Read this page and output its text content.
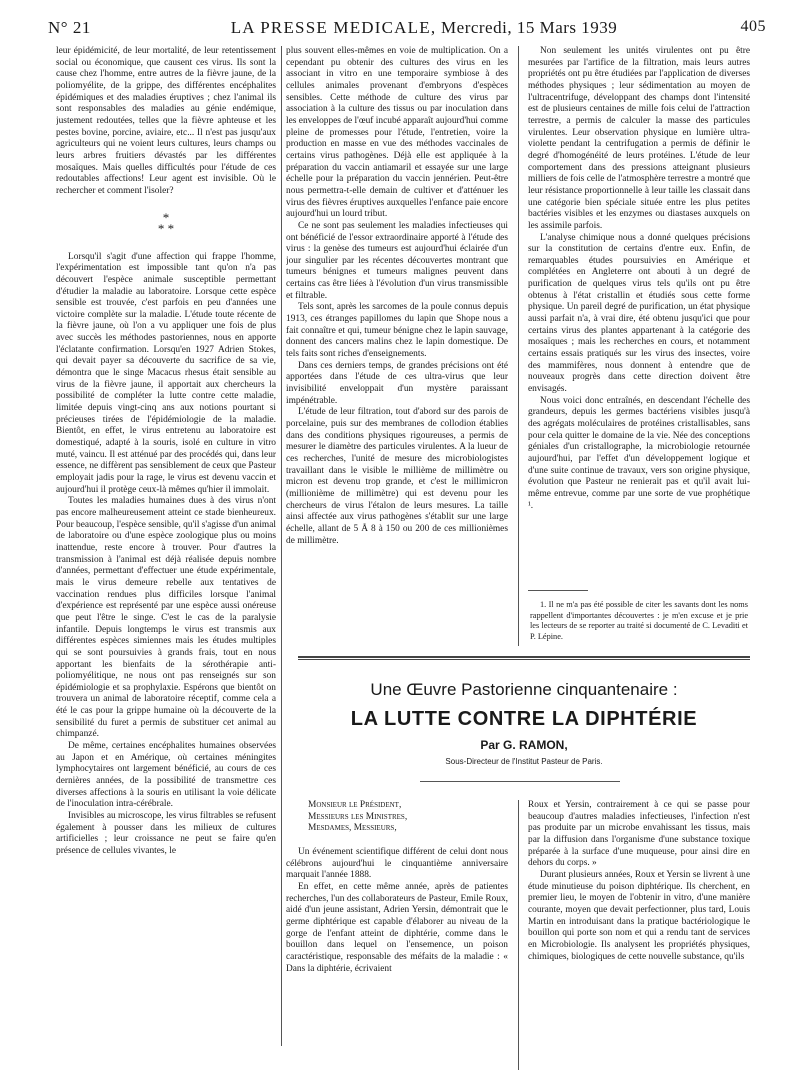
N° 21	LA PRESSE MEDICALE, Mercredi, 15 Mars 1939	405

leur épidémicité, de leur mortalité, de leur retentissement social ou économique, que causent ces virus. Ils sont la cause chez l'homme, entre autres de la fièvre jaune, de la poliomyélite, de la grippe, des différentes encéphalites épidémiques et des maladies éruptives ; chez l'animal ils sont responsables des maladies au génie endémique, justement redoutées, telles que la fièvre aphteuse et les pestes bovine, porcine, aviaire, etc... Il n'est pas jusqu'aux agriculteurs qui ne voient leurs cultures, leurs champs ou leurs arbres fruitiers dévastés par les différentes mosaïques. Mais quelles difficultés pour l'étude de ces redoutables affections! Leur agent est invisible. Où le rechercher et comment l'isoler?

*
* *

Lorsqu'il s'agit d'une affection qui frappe l'homme, l'expérimentation est impossible tant qu'on n'a pas découvert l'espèce animale susceptible permettant d'étudier la maladie au laboratoire. Lorsque cette espèce sensible est trouvée, c'est parfois en peu d'années une victoire complète sur la maladie. L'étude toute récente de la fièvre jaune, où l'on a vu appliquer une fois de plus avec succès les méthodes pastoriennes, nous en apporte l'éclatante confirmation. Lorsqu'en 1927 Adrien Stokes, qui devait payer sa découverte du sacrifice de sa vie, démontra que le singe Macacus rhesus était sensible au virus de la fièvre jaune, il apportait aux chercheurs la possibilité de compléter la lutte contre cette maladie, limitée depuis vingt-cinq ans aux notions pourtant si précieuses tirées de l'épidémiologie de la maladie. Bientôt, en effet, le virus entretenu au laboratoire est domestiqué, adapté à la souris, isolé en culture in vitro muté, vaincu. Il est atténué par des procédés qui, dans leur essence, ne diffèrent pas sensiblement de ceux que Pasteur employait jadis pour la rage, le virus est devenu vaccin et aujourd'hui il protège ceux-là mêmes qu'hier il immolait.

Toutes les maladies humaines dues à des virus n'ont pas encore malheureusement atteint ce stade bienheureux. Pour beaucoup, l'espèce sensible, qu'il s'agisse d'un animal de laboratoire ou d'une espèce zoologique plus ou moins inattendue, reste encore à trouver. Pour d'autres la transmission à l'animal est déjà réalisée depuis nombre d'années, permettant d'effectuer une étude expérimentale, mais le virus demeure rebelle aux tentatives de vaccination rendues plus difficiles lorsque l'animal d'expérience est représenté par une espèce aussi onéreuse que peut l'être le singe. C'est le cas de la paralysie infantile. Depuis longtemps le virus est transmis aux différentes espèces simiennes mais les études multiples qui se sont poursuivies à grands frais, tout en nous apportant les bienfaits de la sérothérapie anti-poliomyélitique, ne nous ont pas renseignés sur son épidémiologie et sa prophylaxie. Espérons que bientôt on trouvera un animal de laboratoire réceptif, comme cela a été le cas pour la grippe humaine où la découverte de la sensibilité du furet a permis de substituer cet animal au chimpanzé.

De même, certaines encéphalites humaines observées au Japon et en Amérique, où certaines méningites lymphocytaires ont largement bénéficié, au cours de ces dernières années, de la possibilité de transmettre ces diverses affections à la souris en utilisant la voie délicate de l'inoculation intra-cérébrale.

Invisibles au microscope, les virus filtrables se refusent également à pousser dans les milieux de cultures artificielles ; leur croissance ne peut se faire qu'en présence de cellules vivantes, le

plus souvent elles-mêmes en voie de multiplication. On a cependant pu obtenir des cultures des virus en les associant in vitro en une temporaire symbiose à des cellules animales provenant d'embryons d'espèces sensibles. Cette méthode de culture des virus par association à la culture des tissus ou par inoculation dans les enveloppes de l'œuf incubé apparaît aujourd'hui comme pleine de promesses pour l'étude, l'entretien, voire la production en masse en vue des méthodes vaccinales de certains virus pathogènes. Déjà elle est appliquée à la préparation du vaccin antiamaril et essayée sur une large échelle pour la préparation du vaccin jennérien. Peut-être nous permettra-t-elle demain de cultiver et d'atténuer les virus des fièvres éruptives auxquelles l'enfance paie encore aujourd'hui un lourd tribut.

Ce ne sont pas seulement les maladies infectieuses qui ont bénéficié de l'essor extraordinaire apporté à l'étude des virus : la genèse des tumeurs est aujourd'hui éclairée d'un jour singulier par les récentes découvertes montrant que tumeurs bénignes et tumeurs malignes peuvent dans certains cas être liées à l'évolution d'un virus transmissible et filtrable.

Tels sont, après les sarcomes de la poule connus depuis 1913, ces étranges papillomes du lapin que Shope nous a fait connaître et qui, tumeur bénigne chez le lapin sauvage, donnent des cancers malins chez le lapin domestique. De tels faits sont riches d'enseignements.

Dans ces derniers temps, de grandes précisions ont été apportées dans l'étude de ces ultra-virus que leur invisibilité enveloppait d'un mystère paraissant impénétrable.

L'étude de leur filtration, tout d'abord sur des parois de porcelaine, puis sur des membranes de collodion établies dans des conditions physiques rigoureuses, a permis de mesurer le diamètre des particules virulentes. A la lueur de ces recherches, l'unité de mesure des microbiologistes travaillant dans le visible le millième de millimètre ou micron est devenu trop grande, et c'est le millimicron (millionième de millimètre) qui est devenu pour les chercheurs de virus l'étalon de leurs mesures. La taille ainsi affectée aux virus pathogènes s'établit sur une large échelle, allant de 5 Å 8 à 150 ou 200 de ces millionièmes de millimètre.

Non seulement les unités virulentes ont pu être mesurées par l'artifice de la filtration, mais leurs autres propriétés ont pu être étudiées par l'application de diverses méthodes physiques ; leur sédimentation au moyen de l'ultracentrifuge, développant des champs dont l'intensité est de plusieurs centaines de mille fois celui de l'attraction terrestre, a permis de calculer la masse des particules virulentes. Leur observation physique en lumière ultra-violette pendant la centrifugation a permis de définir le degré d'homogénéité de leurs protéines. L'étude de leur comportement dans des pressions atteignant plusieurs milliers de fois celle de l'atmosphère terrestre a montré que leur résistance proportionnelle à leur taille les classait dans une catégorie bien spéciale située entre les plus petites bactéries visibles et les enzymes ou diastases auxquels on les assimile parfois.

L'analyse chimique nous a donné quelques précisions sur la constitution de certains d'entre eux. Enfin, de remarquables études poursuivies en Amérique et complétées en Angleterre ont abouti à un degré de purification de quelques virus tels qu'ils ont pu être obtenus à l'état cristallin et étudiés sous cette forme physique. Un pareil degré de purification, un état physique aussi parfait n'a, à vrai dire, été obtenu jusqu'ici que pour certains virus des plantes appartenant à la catégorie des mosaïques ; mais les recherches en cours, et notamment certains essais pratiqués sur les virus des insectes, voire des mammifères, nous donnent à entendre que de nouveaux progrès dans cette direction doivent être envisagés.

Nous voici donc entraînés, en descendant l'échelle des grandeurs, depuis les germes bactériens visibles jusqu'à des agrégats moléculaires de protéines cristallisables, sans pour cela quitter le domaine de la vie. Née des conceptions géniales d'un cristallographe, la microbiologie retournée aujourd'hui, par l'effet d'un développement logique et d'une suite continue de travaux, vers son origine physique, évolution que Pasteur ne renierait pas et qu'il avait lui-même entrevue, comme par une sorte de vue prophétique ¹.

1. Il ne m'a pas été possible de citer les savants dont les noms rappellent d'importantes découvertes : je m'en excuse et je prie les lecteurs de se reporter au traité si documenté de C. Levaditi et P. Lépine.
Une Œuvre Pastorienne cinquantenaire :
LA LUTTE CONTRE LA DIPHTÉRIE
Par G. RAMON,
Sous-Directeur de l'Institut Pasteur de Paris.

Monsieur le Président,

Messieurs les Ministres,

Mesdames, Messieurs,

Un événement scientifique différent de celui dont nous célébrons aujourd'hui le cinquantième anniversaire marquait l'année 1888.

En effet, en cette même année, après de patientes recherches, l'un des collaborateurs de Pasteur, Emile Roux, aidé d'un jeune assistant, Adrien Yersin, démontrait que le germe diphtérique est capable d'élaborer au niveau de la gorge de l'enfant atteint de diphtérie, comme dans le bouillon dans lequel on l'ensemence, un poison caractéristique, responsable des méfaits de la maladie : « Dans la diphtérie, écrivaient

Roux et Yersin, contrairement à ce qui se passe pour beaucoup d'autres maladies infectieuses, l'infection n'est pas produite par un microbe envahissant les tissus, mais par la diffusion dans l'organisme d'une substance toxique préparée à la surface d'une muqueuse, pour ainsi dire en dehors du corps. »

Durant plusieurs années, Roux et Yersin se livrent à une étude minutieuse du poison diphtérique. Ils cherchent, en premier lieu, le moyen de l'obtenir in vitro, d'une manière courante, moyen que devait perfectionner, plus tard, Louis Martin en introduisant dans la pratique bactériologique le bouillon qui porte son nom et qui a rendu tant de services en Microbiologie. Ils analysent les propriétés physiques, chimiques, biologiques de cette nouvelle substance, qu'ils
